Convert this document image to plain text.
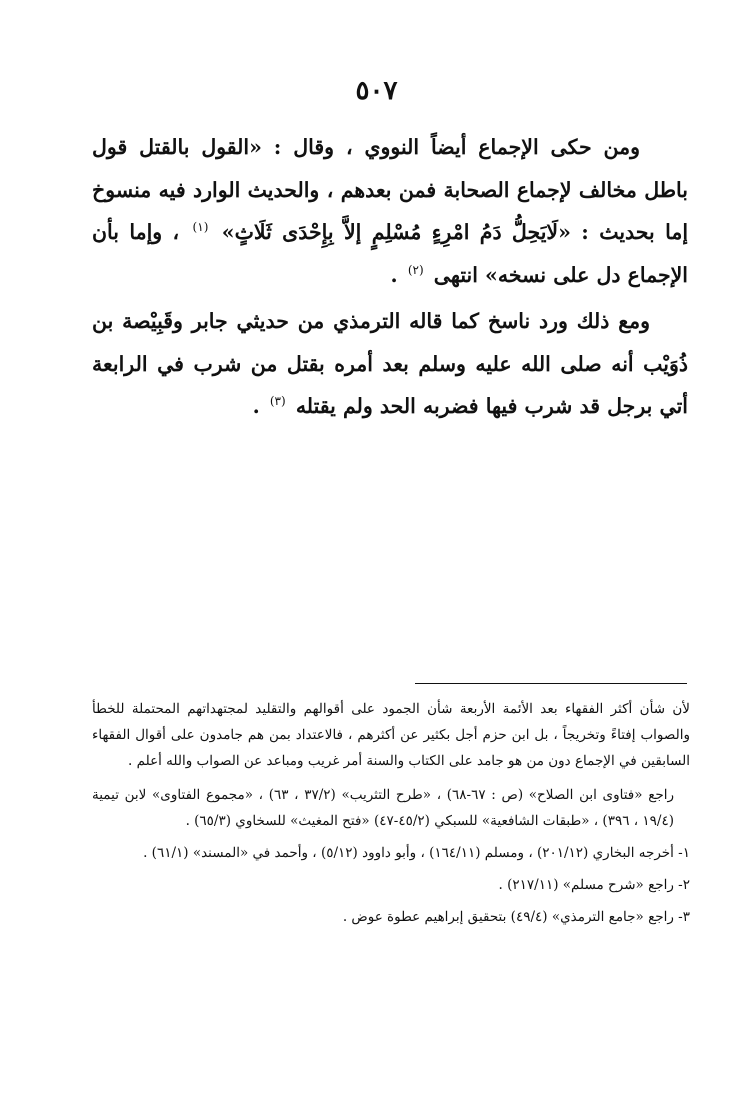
٥٠٧

ومن حكى الإجماع أيضاً النووي ، وقال : «القول بالقتل قول باطل مخالف لإجماع الصحابة فمن بعدهم ، والحديث الوارد فيه منسوخ إما بحديث : «لَايَحِلُّ دَمُ امْرِءٍ مُسْلِمٍ إلاَّ بِإِحْدَى ثَلَاثٍ» $^{(١)}$ ، وإما بأن الإجماع دل على نسخه» انتهى $^{(٢)}$ .

ومع ذلك ورد ناسخ كما قاله الترمذي من حديثي جابر وقَبِيْصة بن ذُوَيْب أنه صلى الله عليه وسلم بعد أمره بقتل من شرب في الرابعة أتي برجل قد شرب فيها فضربه الحد ولم يقتله $^{(٣)}$ .

لأن شأن أكثر الفقهاء بعد الأئمة الأربعة شأن الجمود على أقوالهم والتقليد لمجتهداتهم المحتملة للخطأ والصواب إفتاءً وتخريجاً ، بل ابن حزم أجل بكثير عن أكثرهم ، فالاعتداد بمن هم جامدون على أقوال الفقهاء السابقين في الإجماع دون من هو جامد على الكتاب والسنة أمر غريب ومباعد عن الصواب والله أعلم .

راجع «فتاوى ابن الصلاح» (ص : ٦٧-٦٨) ، «طرح التثريب» (٣٧/٢ ، ٦٣) ، «مجموع الفتاوى» لابن تيمية (١٩/٤ ، ٣٩٦) ، «طبقات الشافعية» للسبكي (٤٥/٢-٤٧) «فتح المغيث» للسخاوي (٦٥/٣) .

١- أخرجه البخاري (٢٠١/١٢) ، ومسلم (١٦٤/١١) ، وأبو داوود (٥/١٢) ، وأحمد في «المسند» (٦١/١) .

٢- راجع «شرح مسلم» (٢١٧/١١) .

٣- راجع «جامع الترمذي» (٤٩/٤) بتحقيق إبراهيم عطوة عوض .
